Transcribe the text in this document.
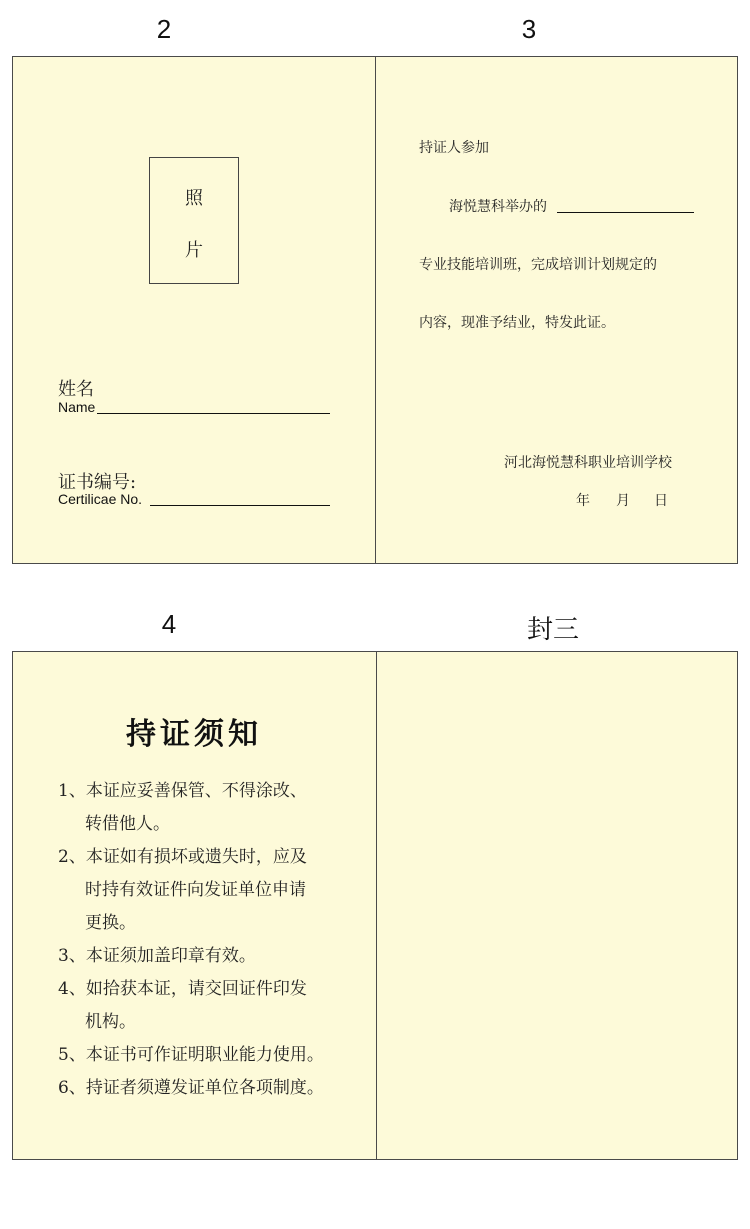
2	3
4	封三
照
片
姓名
Name
证书编号:
Certilicae No.
持证人参加
海悦慧科举办的
专业技能培训班，完成培训计划规定的
内容，现准予结业，特发此证。
河北海悦慧科职业培训学校
年 月 日
持证须知
1、本证应妥善保管、不得涂改、
转借他人。
2、本证如有损坏或遗失时，应及
时持有效证件向发证单位申请
更换。
3、本证须加盖印章有效。
4、如拾获本证，请交回证件印发
机构。
5、本证书可作证明职业能力使用。
6、持证者须遵发证单位各项制度。
